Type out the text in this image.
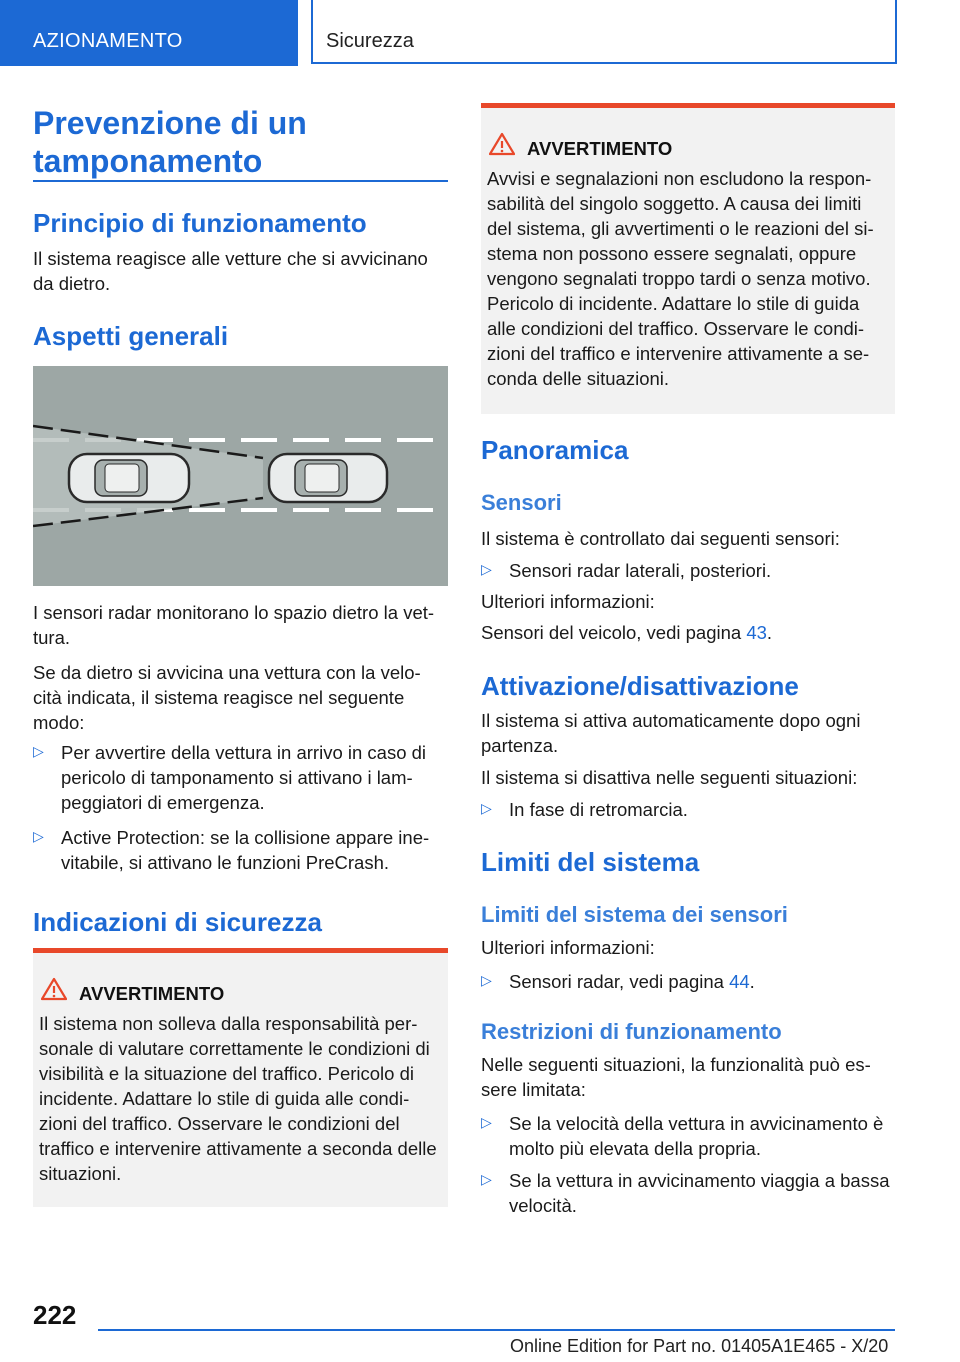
AZIONAMENTO	Sicurezza
Prevenzione di un tamponamento
Principio di funzionamento

Il sistema reagisce alle vetture che si avvicinano da dietro.

Aspetti generali

I sensori radar monitorano lo spazio dietro la vet-tura.

Se da dietro si avvicina una vettura con la velo-cità indicata, il sistema reagisce nel seguente modo:

▷ Per avvertire della vettura in arrivo in caso di pericolo di tamponamento si attivano i lam-peggiatori di emergenza.

▷ Active Protection: se la collisione appare ine-vitabile, si attivano le funzioni PreCrash.

Indicazioni di sicurezza
AVVERTIMENTO

Il sistema non solleva dalla responsabilità per-sonale di valutare correttamente le condizioni di visibilità e la situazione del traffico. Pericolo di incidente. Adattare lo stile di guida alle condi-zioni del traffico. Osservare le condizioni del traffico e intervenire attivamente a seconda delle situazioni.

AVVERTIMENTO

Avvisi e segnalazioni non escludono la respon-sabilità del singolo soggetto. A causa dei limiti del sistema, gli avvertimenti o le reazioni del si-stema non possono essere segnalati, oppure vengono segnalati troppo tardi o senza motivo. Pericolo di incidente. Adattare lo stile di guida alle condizioni del traffico. Osservare le condi-zioni del traffico e intervenire attivamente a se-conda delle situazioni.

Panoramica
Sensori

Il sistema è controllato dai seguenti sensori:

▷ Sensori radar laterali, posteriori.

Ulteriori informazioni:

Sensori del veicolo, vedi pagina 43.

Attivazione/disattivazione

Il sistema si attiva automaticamente dopo ogni partenza.

Il sistema si disattiva nelle seguenti situazioni:

▷ In fase di retromarcia.

Limiti del sistema
Limiti del sistema dei sensori

Ulteriori informazioni:

▷ Sensori radar, vedi pagina 44.

Restrizioni di funzionamento

Nelle seguenti situazioni, la funzionalità può es-sere limitata:

▷ Se la velocità della vettura in avvicinamento è molto più elevata della propria.

▷ Se la vettura in avvicinamento viaggia a bassa velocità.

222
Online Edition for Part no. 01405A1E465 - X/20
